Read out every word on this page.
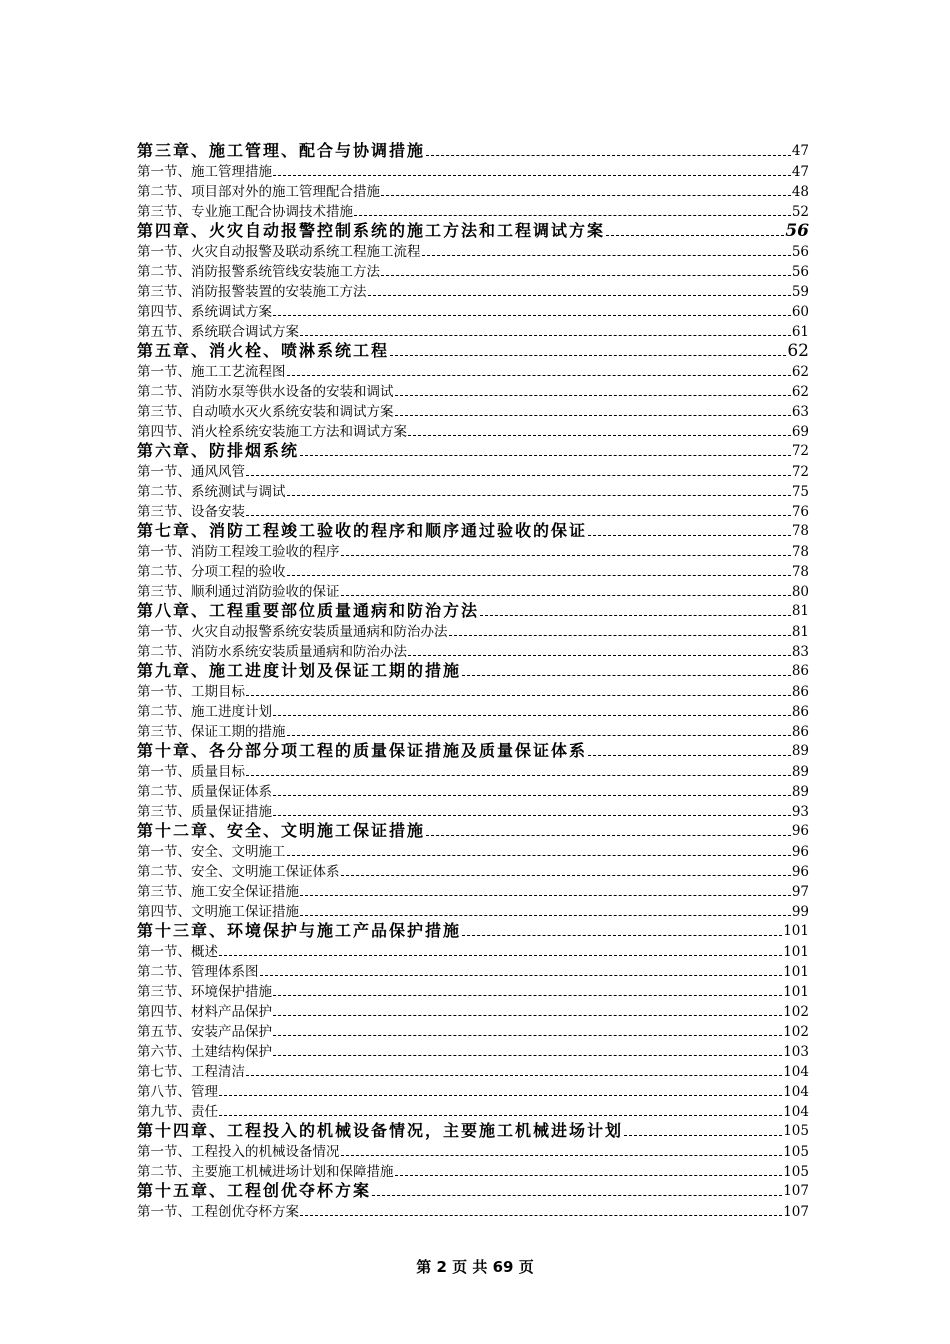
第三章、施工管理、配合与协调措施	47
第一节、施工管理措施	47
第二节、项目部对外的施工管理配合措施	48
第三节、专业施工配合协调技术措施	52
第四章、火灾自动报警控制系统的施工方法和工程调试方案	56
第一节、火灾自动报警及联动系统工程施工流程	56
第二节、消防报警系统管线安装施工方法	56
第三节、消防报警装置的安装施工方法	59
第四节、系统调试方案	60
第五节、系统联合调试方案	61
第五章、消火栓、喷淋系统工程	62
第一节、施工工艺流程图	62
第二节、消防水泵等供水设备的安装和调试	62
第三节、自动喷水灭火系统安装和调试方案	63
第四节、消火栓系统安装施工方法和调试方案	69
第六章、防排烟系统	72
第一节、通风风管	72
第二节、系统测试与调试	75
第三节、设备安装	76
第七章、消防工程竣工验收的程序和顺序通过验收的保证	78
第一节、消防工程竣工验收的程序	78
第二节、分项工程的验收	78
第三节、顺利通过消防验收的保证	80
第八章、工程重要部位质量通病和防治方法	81
第一节、火灾自动报警系统安装质量通病和防治办法	81
第二节、消防水系统安装质量通病和防治办法	83
第九章、施工进度计划及保证工期的措施	86
第一节、工期目标	86
第二节、施工进度计划	86
第三节、保证工期的措施	86
第十章、各分部分项工程的质量保证措施及质量保证体系	89
第一节、质量目标	89
第二节、质量保证体系	89
第三节、质量保证措施	93
第十二章、安全、文明施工保证措施	96
第一节、安全、文明施工	96
第二节、安全、文明施工保证体系	96
第三节、施工安全保证措施	97
第四节、文明施工保证措施	99
第十三章、环境保护与施工产品保护措施	101
第一节、概述	101
第二节、管理体系图	101
第三节、环境保护措施	101
第四节、材料产品保护	102
第五节、安装产品保护	102
第六节、土建结构保护	103
第七节、工程清洁	104
第八节、管理	104
第九节、责任	104
第十四章、工程投入的机械设备情况，主要施工机械进场计划	105
第一节、工程投入的机械设备情况	105
第二节、主要施工机械进场计划和保障措施	105
第十五章、工程创优夺杯方案	107
第一节、工程创优夺杯方案	107
第 2 页 共 69 页
